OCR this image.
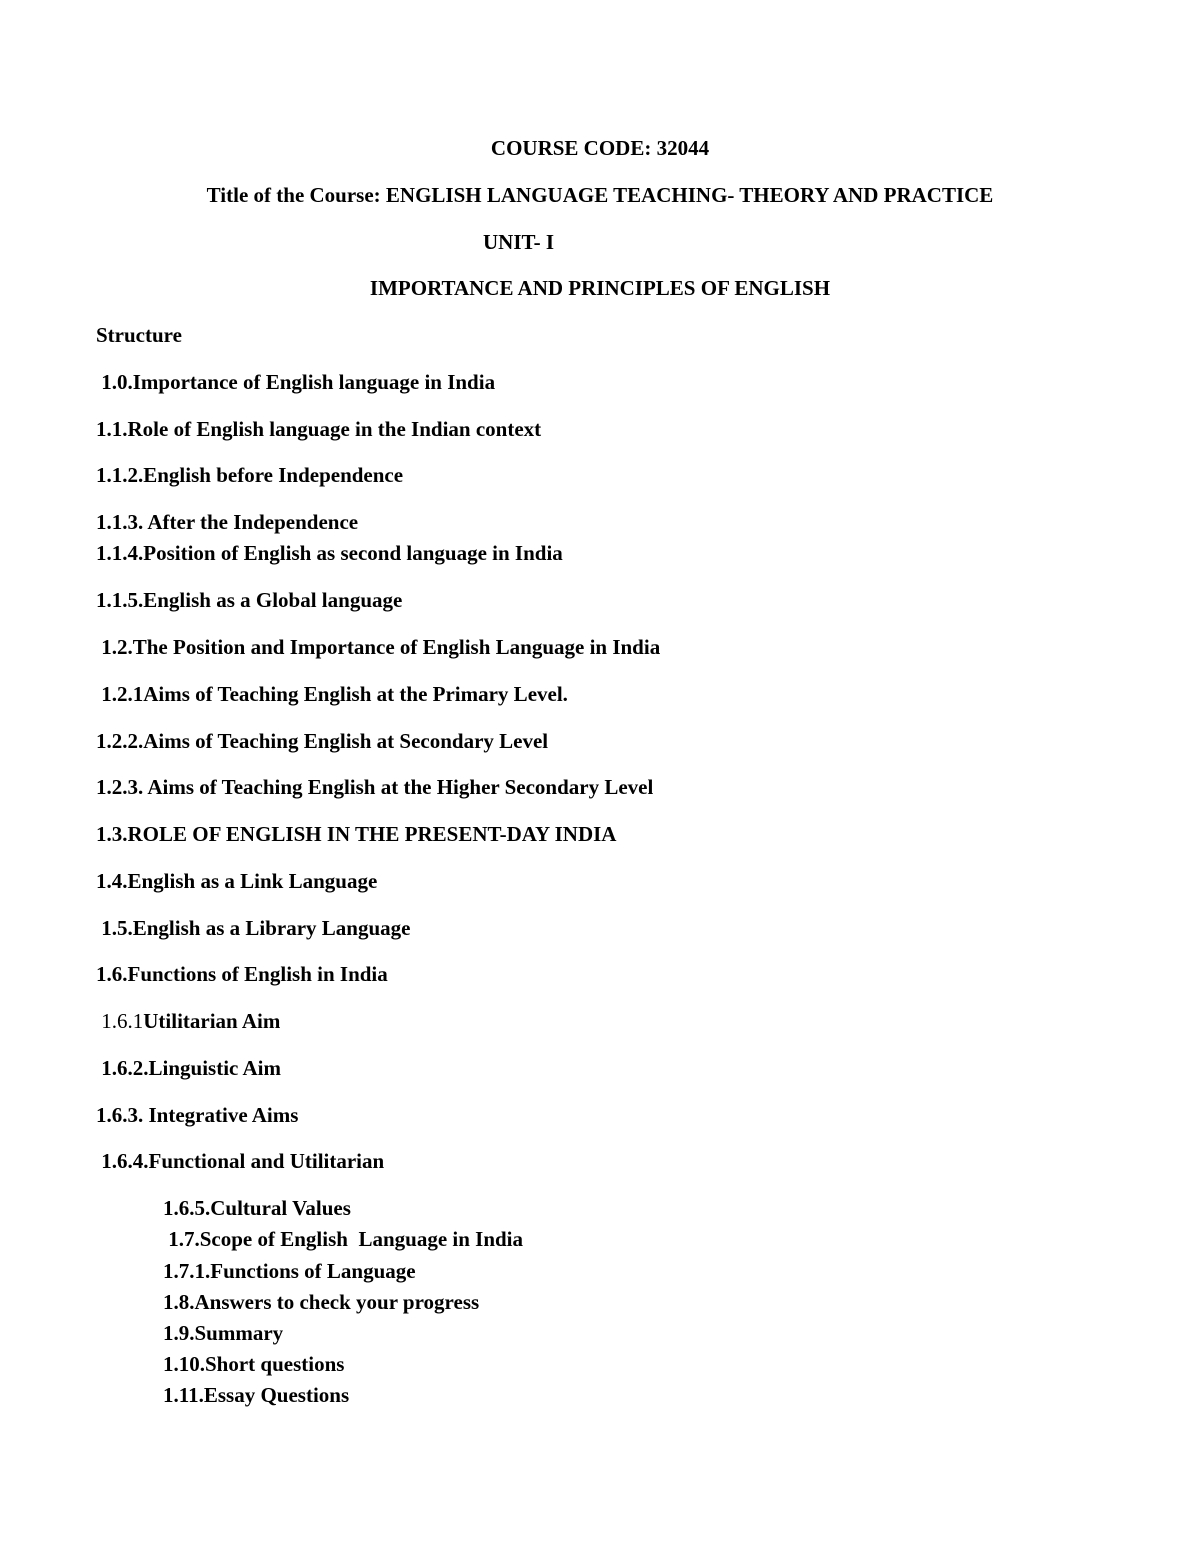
COURSE CODE: 32044
Title of the Course: ENGLISH LANGUAGE TEACHING- THEORY AND PRACTICE
UNIT- I
IMPORTANCE AND PRINCIPLES OF ENGLISH
Structure
1.0.Importance of English language in India
1.1.Role of English language in the Indian context
1.1.2.English before Independence
1.1.3. After the Independence
1.1.4.Position of English as second language in India
1.1.5.English as a Global language
1.2.The Position and Importance of English Language in India
1.2.1Aims of Teaching English at the Primary Level.
1.2.2.Aims of Teaching English at Secondary Level
1.2.3. Aims of Teaching English at the Higher Secondary Level
1.3.ROLE OF ENGLISH IN THE PRESENT-DAY INDIA
1.4.English as a Link Language
1.5.English as a Library Language
1.6.Functions of English in India
1.6.1Utilitarian Aim
1.6.2.Linguistic Aim
1.6.3. Integrative Aims
1.6.4.Functional and Utilitarian
1.6.5.Cultural Values
1.7.Scope of English  Language in India
1.7.1.Functions of Language
1.8.Answers to check your progress
1.9.Summary
1.10.Short questions
1.11.Essay Questions
